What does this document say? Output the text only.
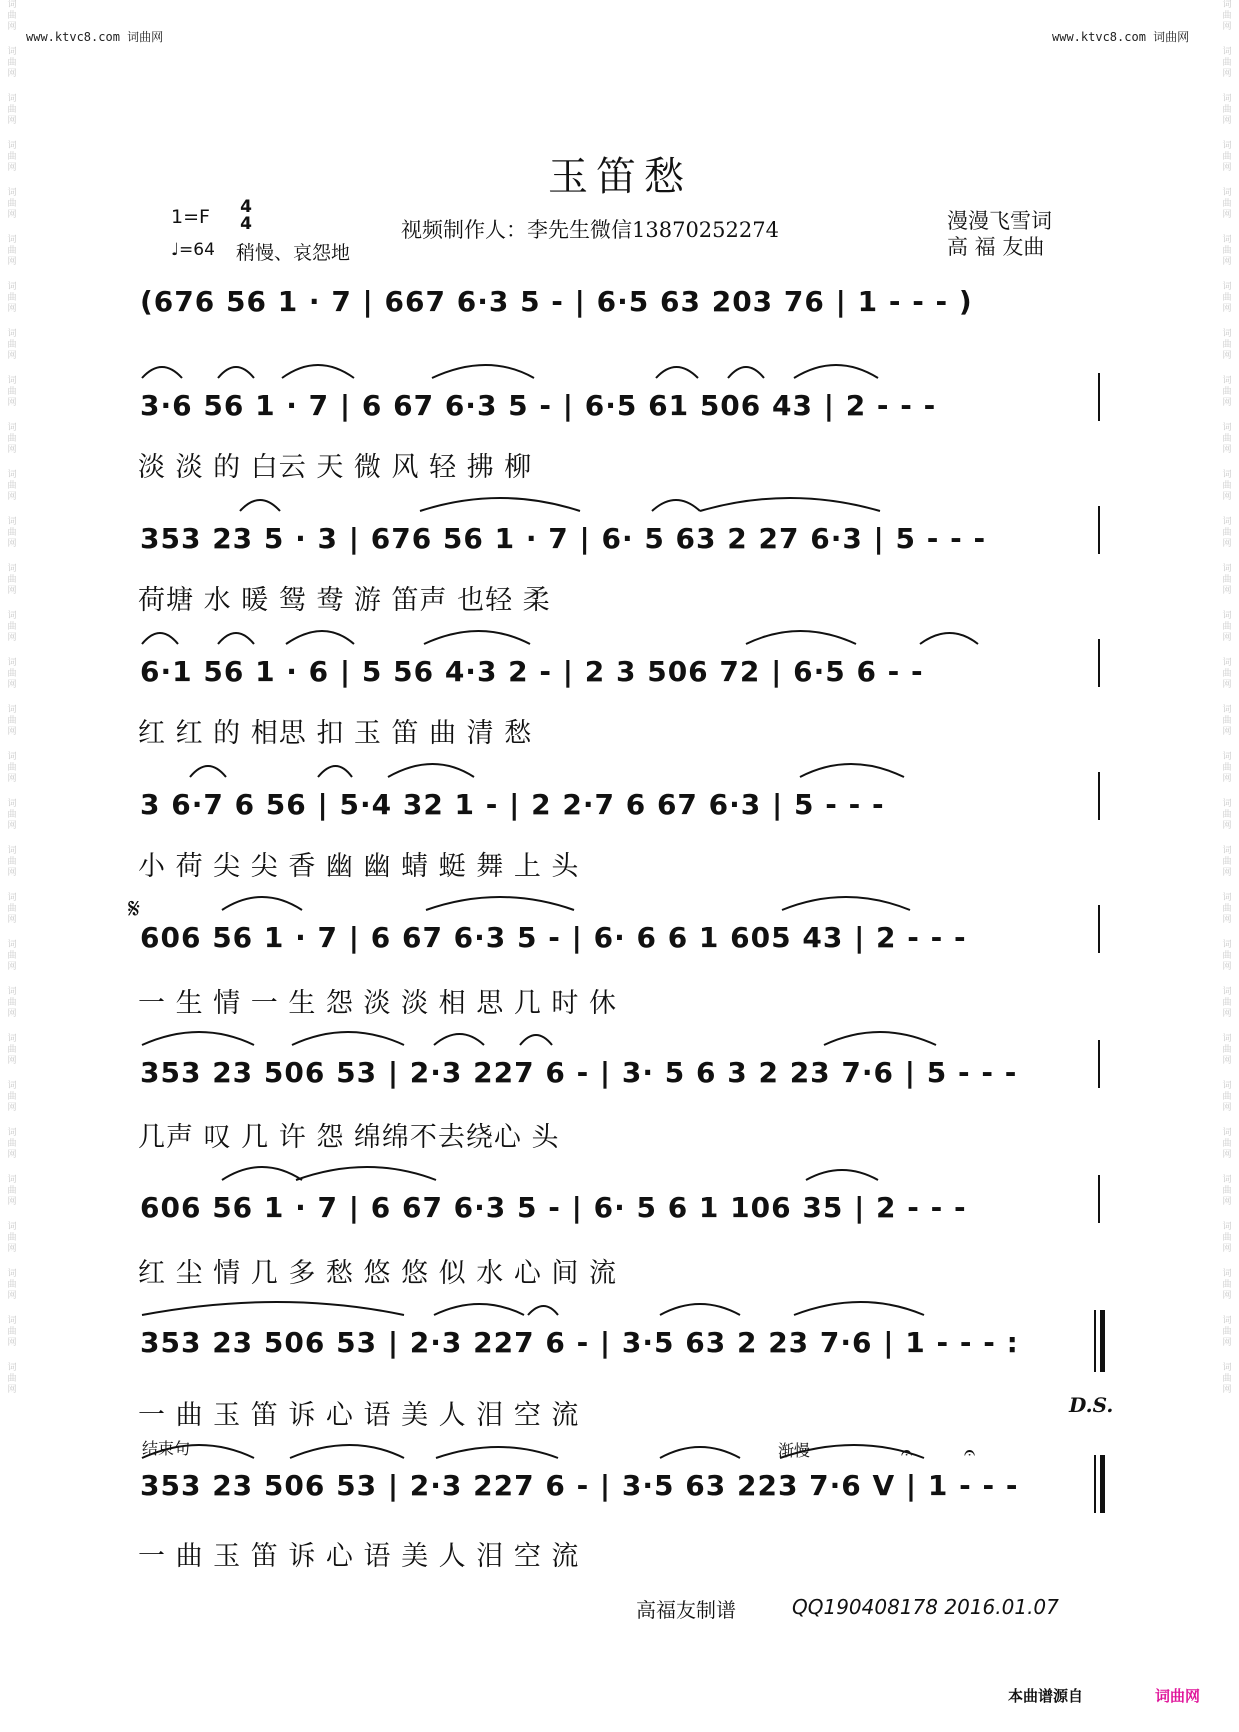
词
曲
网
词
曲
网
词
曲
网
词
曲
网
词
曲
网
词
曲
网
词
曲
网
词
曲
网
词
曲
网
词
曲
网
词
曲
网
词
曲
网
词
曲
网
词
曲
网
词
曲
网
词
曲
网
词
曲
网
词
曲
网
词
曲
网
词
曲
网
词
曲
网
词
曲
网
词
曲
网
词
曲
网
词
曲
网
词
曲
网
词
曲
网
词
曲
网
词
曲
网
词
曲
网
词
曲
网
词
曲
网
词
曲
网
词
曲
网
词
曲
网
词
曲
网
词
曲
网
词
曲
网
词
曲
网
词
曲
网
词
曲
网
词
曲
网
词
曲
网
词
曲
网
词
曲
网
词
曲
网
词
曲
网
词
曲
网
词
曲
网
词
曲
网
词
曲
网
词
曲
网
词
曲
网
词
曲
网
词
曲
网
词
曲
网
词
曲
网
词
曲
网
词
曲
网
词
曲
网
www.ktvc8.com 词曲网	www.ktvc8.com 词曲网
玉笛愁
1=F 4
4
♩=64 稍慢、哀怨地
视频制作人：李先生微信13870252274	漫漫飞雪词
高 福 友曲
(676 56 1 · 7 | 667 6·3 5 - | 6·5 63 203 76 | 1 - - - )
3·6 56 1 · 7 | 6 67 6·3 5 - | 6·5 61 506 43 | 2 - - -
353 23 5 · 3 | 676 56 1 · 7 | 6· 5 63 2 27 6·3 | 5 - - -
6·1 56 1 · 6 | 5 56 4·3 2 - | 2 3 506 72 | 6·5 6 - -
3 6·7 6 56 | 5·4 32 1 - | 2 2·7 6 67 6·3 | 5 - - -
606 56 1 · 7 | 6 67 6·3 5 - | 6· 6 6 1 605 43 | 2 - - -
353 23 506 53 | 2·3 227 6 - | 3· 5 6 3 2 23 7·6 | 5 - - -
606 56 1 · 7 | 6 67 6·3 5 - | 6· 5 6 1 106 35 | 2 - - -
353 23 506 53 | 2·3 227 6 - | 3·5 63 2 23 7·6 | 1 - - - :
353 23 506 53 | 2·3 227 6 - | 3·5 63 223 7·6 V | 1 - - -
淡 淡 的 白云 天 微 风 轻 拂 柳
荷塘 水 暖 鸳 鸯 游 笛声 也轻 柔
红 红 的 相思 扣 玉 笛 曲 清 愁
小 荷 尖 尖 香 幽 幽 蜻 蜓 舞 上 头
一 生 情 一 生 怨 淡 淡 相 思 几 时 休
几声 叹 几 许 怨 绵绵不去绕心 头
红 尘 情 几 多 愁 悠 悠 似 水 心 间 流
一 曲 玉 笛 诉 心 语 美 人 泪 空 流
一 曲 玉 笛 诉 心 语 美 人 泪 空 流
𝄋
D.S.
结束句	渐慢	𝄐	𝄐
高福友制谱	QQ190408178 2016.01.07
本曲谱源自	词曲网
